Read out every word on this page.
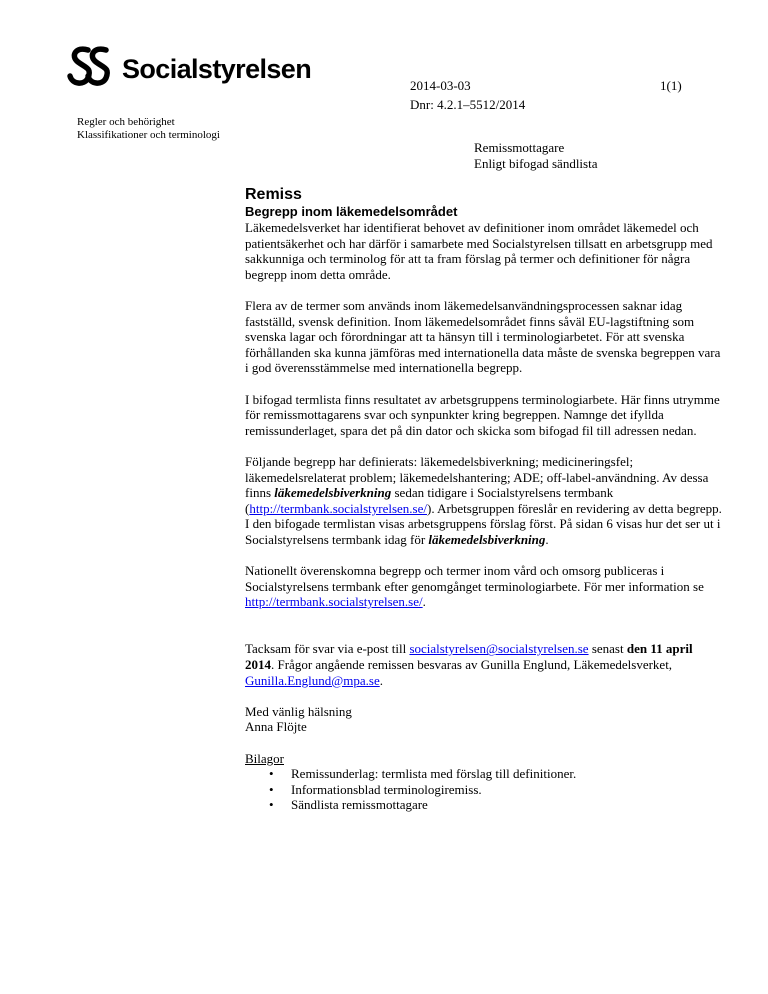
Socialstyrelsen
2014-03-03	1(1)
Dnr: 4.2.1–5512/2014
Regler och behörighet
Klassifikationer och terminologi
Remissmottagare
Enligt bifogad sändlista
Remiss
Begrepp inom läkemedelsområdet

Läkemedelsverket har identifierat behovet av definitioner inom området läkemedel och patientsäkerhet och har därför i samarbete med Socialstyrelsen tillsatt en arbetsgrupp med sakkunniga och terminolog för att ta fram förslag på termer och definitioner för några begrepp inom detta område.

Flera av de termer som används inom läkemedelsanvändningsprocessen saknar idag fastställd, svensk definition. Inom läkemedelsområdet finns såväl EU-lagstiftning som svenska lagar och förordningar att ta hänsyn till i terminologiarbetet. För att svenska förhållanden ska kunna jämföras med internationella data måste de svenska begreppen vara i god överensstämmelse med internationella begrepp.

I bifogad termlista finns resultatet av arbetsgruppens terminologiarbete. Här finns utrymme för remissmottagarens svar och synpunkter kring begreppen. Namnge det ifyllda remissunderlaget, spara det på din dator och skicka som bifogad fil till adressen nedan.

Följande begrepp har definierats: läkemedelsbiverkning; medicineringsfel; läkemedelsrelaterat problem; läkemedelshantering; ADE; off-label-användning. Av dessa finns läkemedelsbiverkning sedan tidigare i Socialstyrelsens termbank (http://termbank.socialstyrelsen.se/). Arbetsgruppen föreslår en revidering av detta begrepp. I den bifogade termlistan visas arbetsgruppens förslag först. På sidan 6 visas hur det ser ut i Socialstyrelsens termbank idag för läkemedelsbiverkning.

Nationellt överenskomna begrepp och termer inom vård och omsorg publiceras i Socialstyrelsens termbank efter genomgånget terminologiarbete. För mer information se http://termbank.socialstyrelsen.se/.

Tacksam för svar via e-post till socialstyrelsen@socialstyrelsen.se senast den 11 april 2014. Frågor angående remissen besvaras av Gunilla Englund, Läkemedelsverket, Gunilla.Englund@mpa.se.

Med vänlig hälsning
Anna Flöjte

Bilagor
• Remissunderlag: termlista med förslag till definitioner.
• Informationsblad terminologiremiss.
• Sändlista remissmottagare
